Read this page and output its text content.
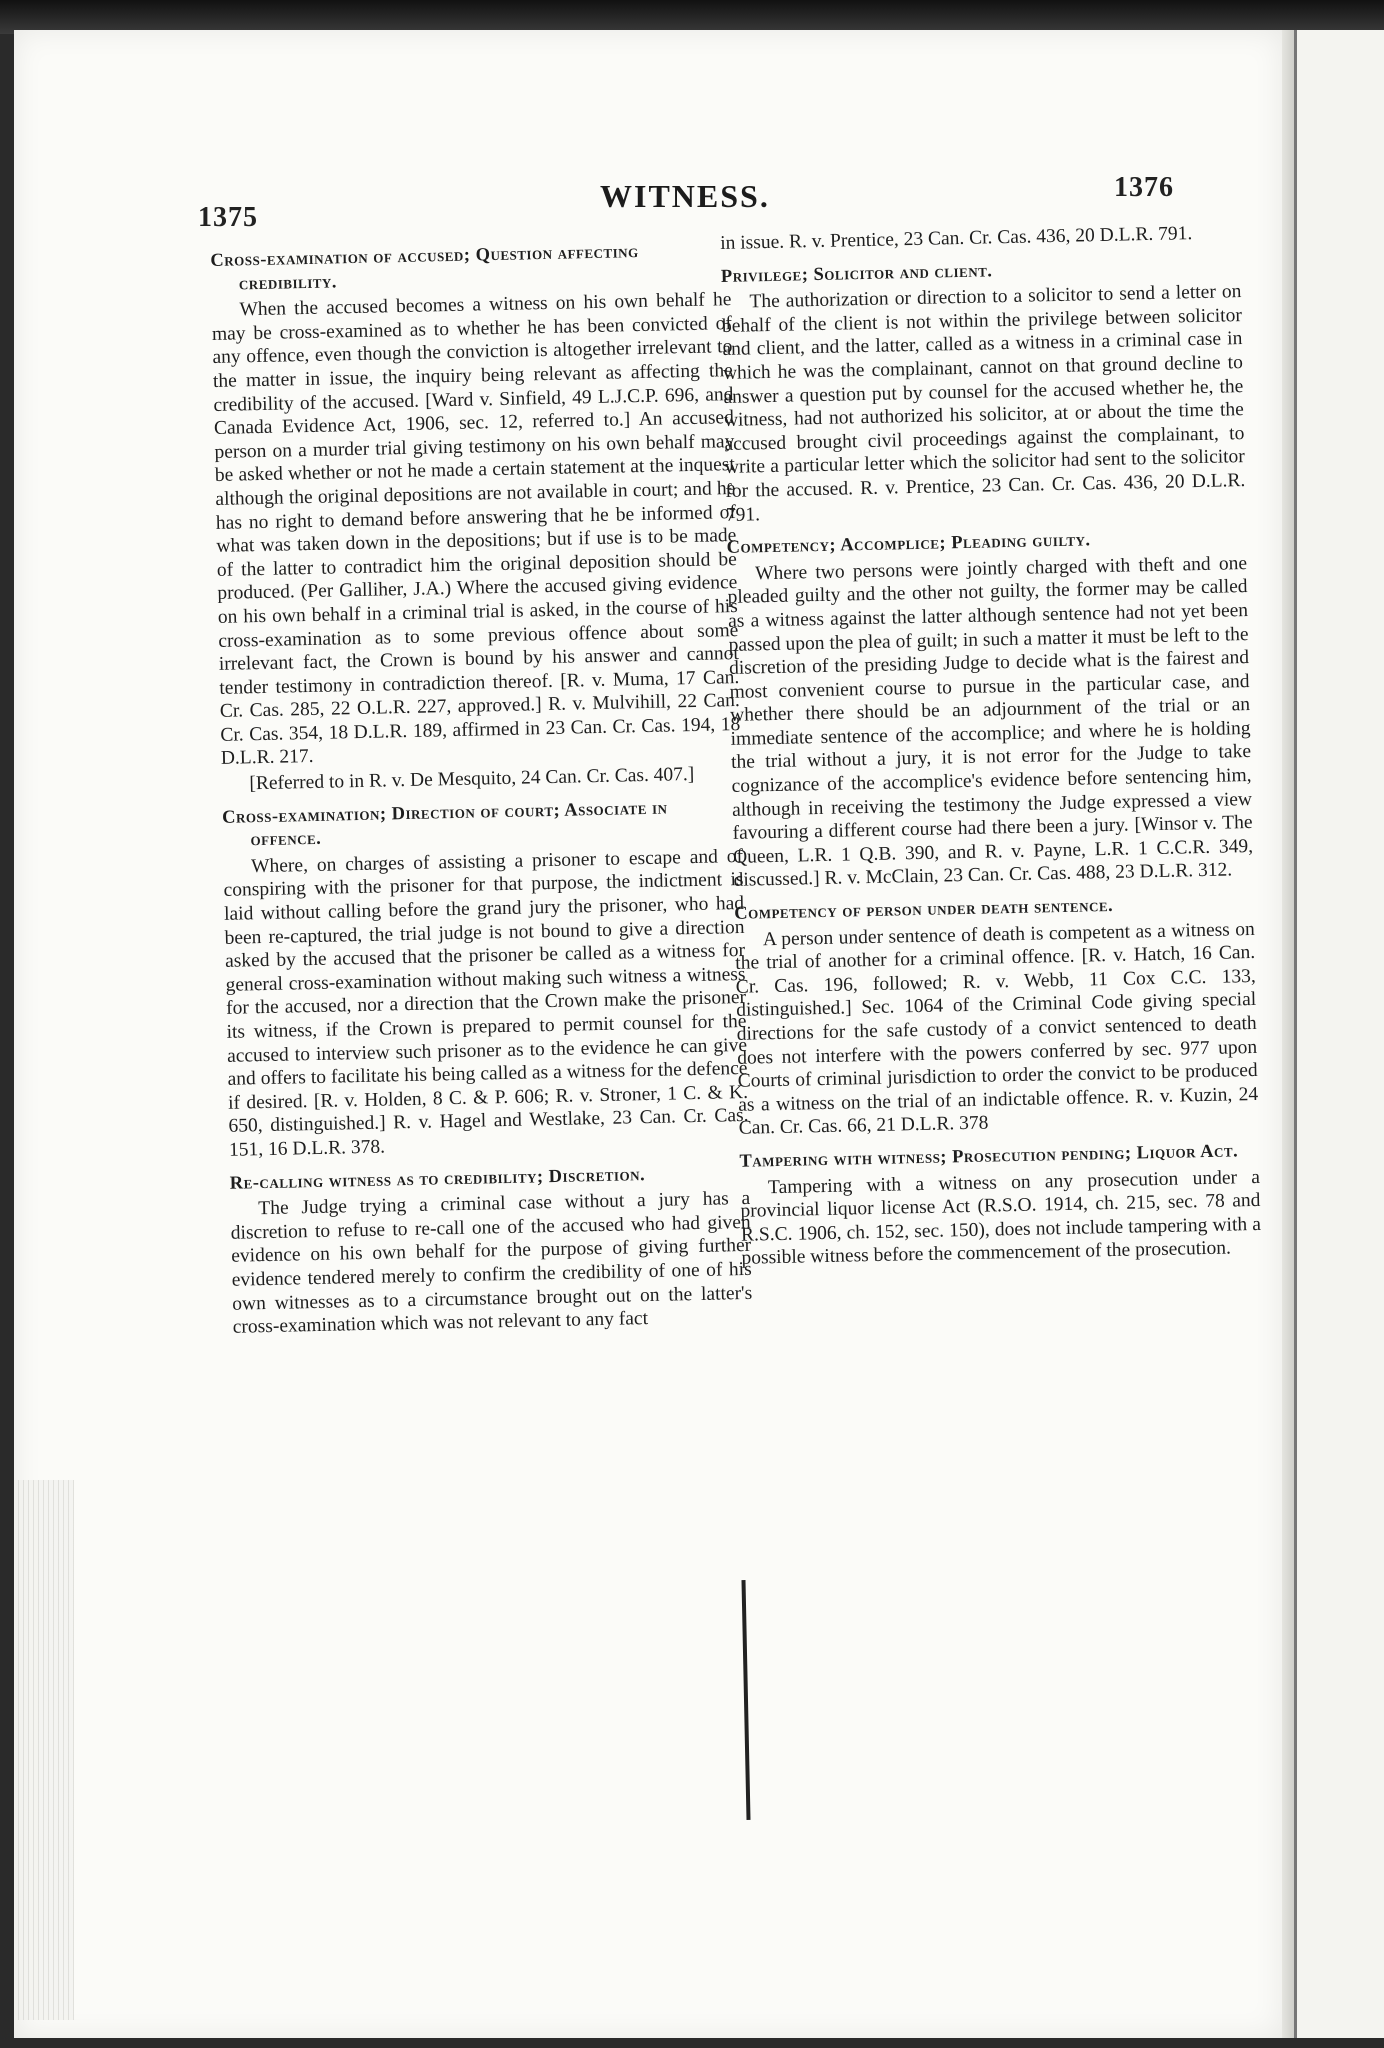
1375
WITNESS.	1376
Cross-examination of accused; Question affecting credibility.

When the accused becomes a witness on his own behalf he may be cross-examined as to whether he has been convicted of any offence, even though the conviction is altogether irrelevant to the matter in issue, the inquiry being relevant as affecting the credibility of the accused. [Ward v. Sinfield, 49 L.J.C.P. 696, and Canada Evidence Act, 1906, sec. 12, referred to.] An accused person on a murder trial giving testimony on his own behalf may be asked whether or not he made a certain statement at the inquest although the original depositions are not available in court; and he has no right to demand before answering that he be informed of what was taken down in the depositions; but if use is to be made of the latter to contradict him the original deposition should be produced. (Per Galliher, J.A.) Where the accused giving evidence on his own behalf in a criminal trial is asked, in the course of his cross-examination as to some previous offence about some irrelevant fact, the Crown is bound by his answer and cannot tender testimony in contradiction thereof. [R. v. Muma, 17 Can. Cr. Cas. 285, 22 O.L.R. 227, approved.] R. v. Mulvihill, 22 Can. Cr. Cas. 354, 18 D.L.R. 189, affirmed in 23 Can. Cr. Cas. 194, 18 D.L.R. 217.

[Referred to in R. v. De Mesquito, 24 Can. Cr. Cas. 407.]

Cross-examination; Direction of court; Associate in offence.

Where, on charges of assisting a prisoner to escape and of conspiring with the prisoner for that purpose, the indictment is laid without calling before the grand jury the prisoner, who had been re-captured, the trial judge is not bound to give a direction asked by the accused that the prisoner be called as a witness for general cross-examination without making such witness a witness for the accused, nor a direction that the Crown make the prisoner its witness, if the Crown is prepared to permit counsel for the accused to interview such prisoner as to the evidence he can give and offers to facilitate his being called as a witness for the defence if desired. [R. v. Holden, 8 C. & P. 606; R. v. Stroner, 1 C. & K. 650, distinguished.] R. v. Hagel and Westlake, 23 Can. Cr. Cas. 151, 16 D.L.R. 378.

Re-calling witness as to credibility; Discretion.

The Judge trying a criminal case without a jury has a discretion to refuse to re-call one of the accused who had given evidence on his own behalf for the purpose of giving further evidence tendered merely to confirm the credibility of one of his own witnesses as to a circumstance brought out on the latter's cross-examination which was not relevant to any fact

in issue. R. v. Prentice, 23 Can. Cr. Cas. 436, 20 D.L.R. 791.

Privilege; Solicitor and client.

The authorization or direction to a solicitor to send a letter on behalf of the client is not within the privilege between solicitor and client, and the latter, called as a witness in a criminal case in which he was the complainant, cannot on that ground decline to answer a question put by counsel for the accused whether he, the witness, had not authorized his solicitor, at or about the time the accused brought civil proceedings against the complainant, to write a particular letter which the solicitor had sent to the solicitor for the accused. R. v. Prentice, 23 Can. Cr. Cas. 436, 20 D.L.R. 791.

Competency; Accomplice; Pleading guilty.

Where two persons were jointly charged with theft and one pleaded guilty and the other not guilty, the former may be called as a witness against the latter although sentence had not yet been passed upon the plea of guilt; in such a matter it must be left to the discretion of the presiding Judge to decide what is the fairest and most convenient course to pursue in the particular case, and whether there should be an adjournment of the trial or an immediate sentence of the accomplice; and where he is holding the trial without a jury, it is not error for the Judge to take cognizance of the accomplice's evidence before sentencing him, although in receiving the testimony the Judge expressed a view favouring a different course had there been a jury. [Winsor v. The Queen, L.R. 1 Q.B. 390, and R. v. Payne, L.R. 1 C.C.R. 349, discussed.] R. v. McClain, 23 Can. Cr. Cas. 488, 23 D.L.R. 312.

Competency of person under death sentence.

A person under sentence of death is competent as a witness on the trial of another for a criminal offence. [R. v. Hatch, 16 Can. Cr. Cas. 196, followed; R. v. Webb, 11 Cox C.C. 133, distinguished.] Sec. 1064 of the Criminal Code giving special directions for the safe custody of a convict sentenced to death does not interfere with the powers conferred by sec. 977 upon Courts of criminal jurisdiction to order the convict to be produced as a witness on the trial of an indictable offence. R. v. Kuzin, 24 Can. Cr. Cas. 66, 21 D.L.R. 378

Tampering with witness; Prosecution pending; Liquor Act.

Tampering with a witness on any prosecution under a provincial liquor license Act (R.S.O. 1914, ch. 215, sec. 78 and R.S.C. 1906, ch. 152, sec. 150), does not include tampering with a possible witness before the commencement of the prosecution.
